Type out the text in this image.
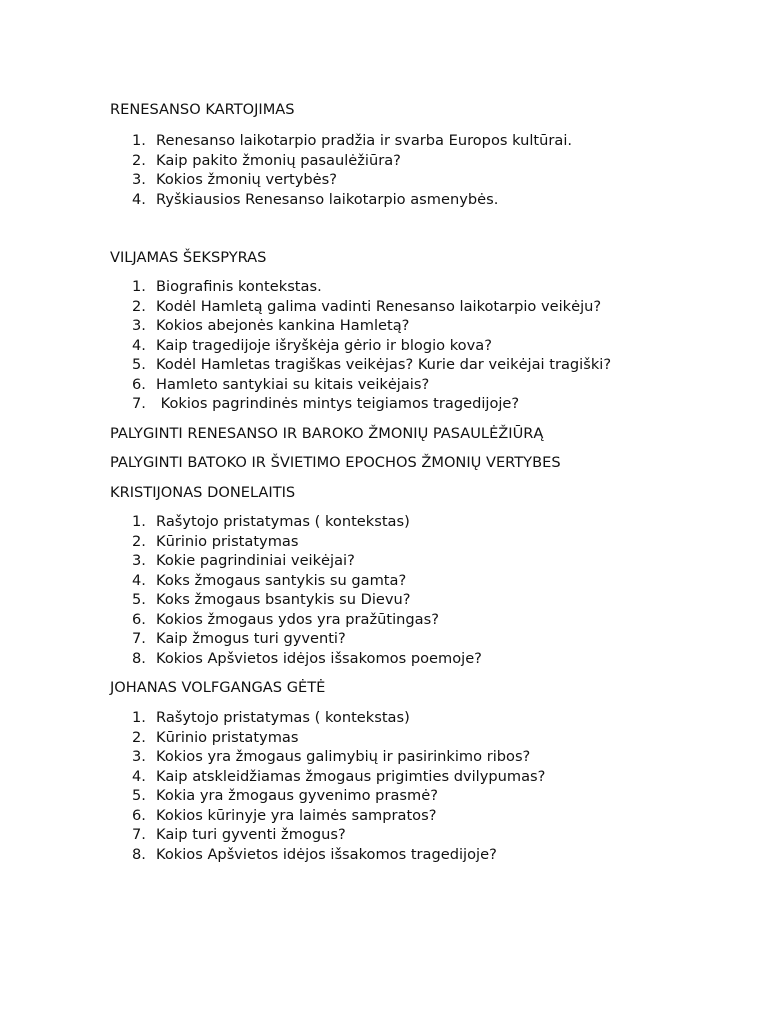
RENESANSO KARTOJIMAS
1. Renesanso laikotarpio pradžia ir svarba Europos kultūrai.
2. Kaip pakito žmonių pasaulėžiūra?
3. Kokios žmonių vertybės?
4. Ryškiausios Renesanso laikotarpio asmenybės.
VILJAMAS ŠEKSPYRAS
1. Biografinis kontekstas.
2. Kodėl Hamletą galima vadinti Renesanso laikotarpio veikėju?
3. Kokios abejonės kankina Hamletą?
4. Kaip tragedijoje išryškėja gėrio ir blogio kova?
5. Kodėl Hamletas tragiškas veikėjas? Kurie dar veikėjai tragiški?
6. Hamleto santykiai su kitais veikėjais?
7. Kokios pagrindinės mintys teigiamos tragedijoje?
PALYGINTI RENESANSO IR BAROKO ŽMONIŲ PASAULĖŽIŪRĄ
PALYGINTI BATOKO IR ŠVIETIMO EPOCHOS ŽMONIŲ VERTYBES
KRISTIJONAS DONELAITIS
1. Rašytojo pristatymas ( kontekstas)
2. Kūrinio pristatymas
3. Kokie pagrindiniai veikėjai?
4. Koks žmogaus santykis su gamta?
5. Koks žmogaus bsantykis su Dievu?
6. Kokios žmogaus ydos yra pražūtingas?
7. Kaip žmogus turi gyventi?
8. Kokios Apšvietos idėjos išsakomos poemoje?
JOHANAS VOLFGANGAS GĖTĖ
1. Rašytojo pristatymas ( kontekstas)
2. Kūrinio pristatymas
3. Kokios yra žmogaus galimybių ir pasirinkimo ribos?
4. Kaip atskleidžiamas žmogaus prigimties dvilypumas?
5. Kokia yra žmogaus gyvenimo prasmė?
6. Kokios kūrinyje yra laimės sampratos?
7. Kaip turi gyventi žmogus?
8. Kokios Apšvietos idėjos išsakomos tragedijoje?
